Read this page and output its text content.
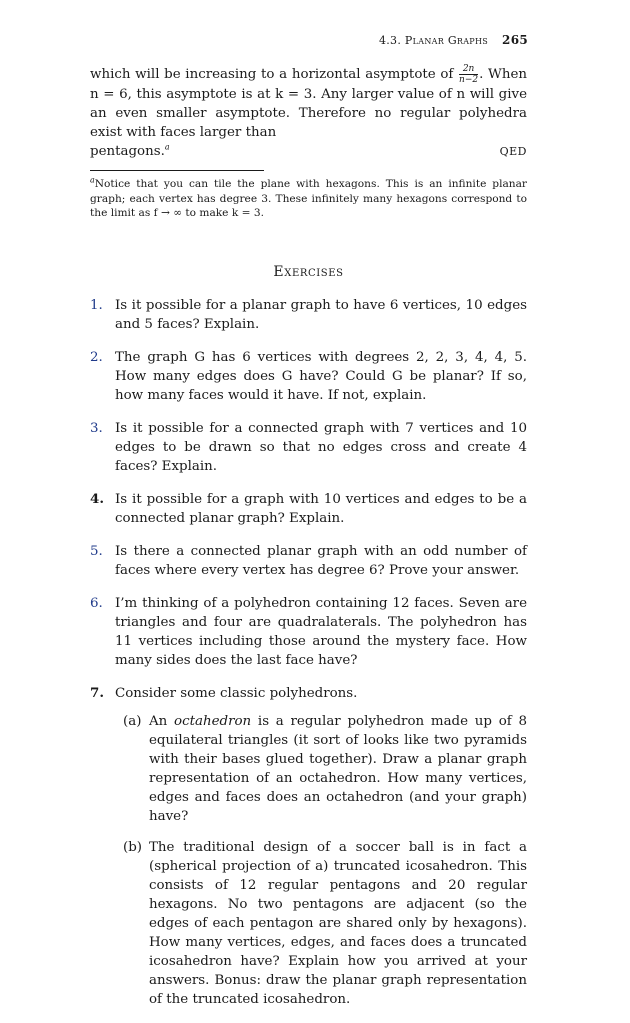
4.3. Planar Graphs 265

which will be increasing to a horizontal asymptote of $\frac{2n}{n-2}$ . When n = 6, this asymptote is at k = 3. Any larger value of n will give an even smaller asymptote. Therefore no regular polyhedra exist with faces larger than

pentagons.$^a$	QED

$^a$Notice that you can tile the plane with hexagons. This is an infinite planar graph; each vertex has degree 3. These infinitely many hexagons correspond to the limit as f → ∞ to make k = 3.

Exercises
1. Is it possible for a planar graph to have 6 vertices, 10 edges and 5 faces? Explain.
2. The graph G has 6 vertices with degrees 2, 2, 3, 4, 4, 5. How many edges does G have? Could G be planar? If so, how many faces would it have. If not, explain.
3. Is it possible for a connected graph with 7 vertices and 10 edges to be drawn so that no edges cross and create 4 faces? Explain.
4. Is it possible for a graph with 10 vertices and edges to be a connected planar graph? Explain.
5. Is there a connected planar graph with an odd number of faces where every vertex has degree 6? Prove your answer.
6. I’m thinking of a polyhedron containing 12 faces. Seven are triangles and four are quadralaterals. The polyhedron has 11 vertices including those around the mystery face. How many sides does the last face have?
7. Consider some classic polyhedrons.
(a) An octahedron is a regular polyhedron made up of 8 equilateral triangles (it sort of looks like two pyramids with their bases glued together). Draw a planar graph representation of an octahedron. How many vertices, edges and faces does an octahedron (and your graph) have?
(b) The traditional design of a soccer ball is in fact a (spherical projection of a) truncated icosahedron. This consists of 12 regular pentagons and 20 regular hexagons. No two pentagons are adjacent (so the edges of each pentagon are shared only by hexagons). How many vertices, edges, and faces does a truncated icosahedron have? Explain how you arrived at your answers. Bonus: draw the planar graph representation of the truncated icosahedron.
